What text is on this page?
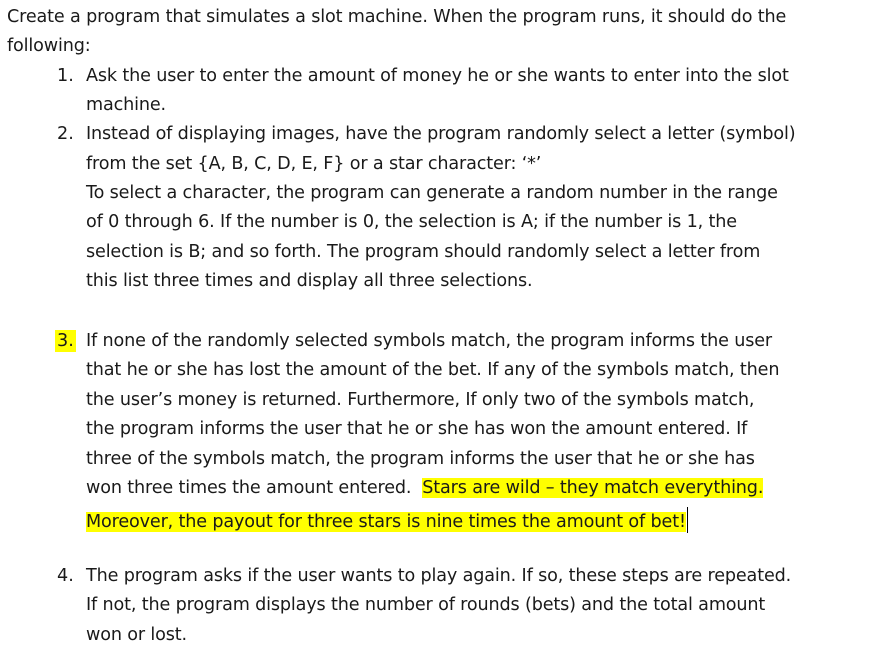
Create a program that simulates a slot machine. When the program runs, it should do the
following:
1. Ask the user to enter the amount of money he or she wants to enter into the slot
machine.
2. Instead of displaying images, have the program randomly select a letter (symbol)
from the set {A, B, C, D, E, F} or a star character: ‘*’
To select a character, the program can generate a random number in the range
of 0 through 6. If the number is 0, the selection is A; if the number is 1, the
selection is B; and so forth. The program should randomly select a letter from
this list three times and display all three selections.
3. If none of the randomly selected symbols match, the program informs the user
that he or she has lost the amount of the bet. If any of the symbols match, then
the user’s money is returned. Furthermore, If only two of the symbols match,
the program informs the user that he or she has won the amount entered. If
three of the symbols match, the program informs the user that he or she has
won three times the amount entered.  Stars are wild – they match everything.
Moreover, the payout for three stars is nine times the amount of bet!
4. The program asks if the user wants to play again. If so, these steps are repeated.
If not, the program displays the number of rounds (bets) and the total amount
won or lost.
